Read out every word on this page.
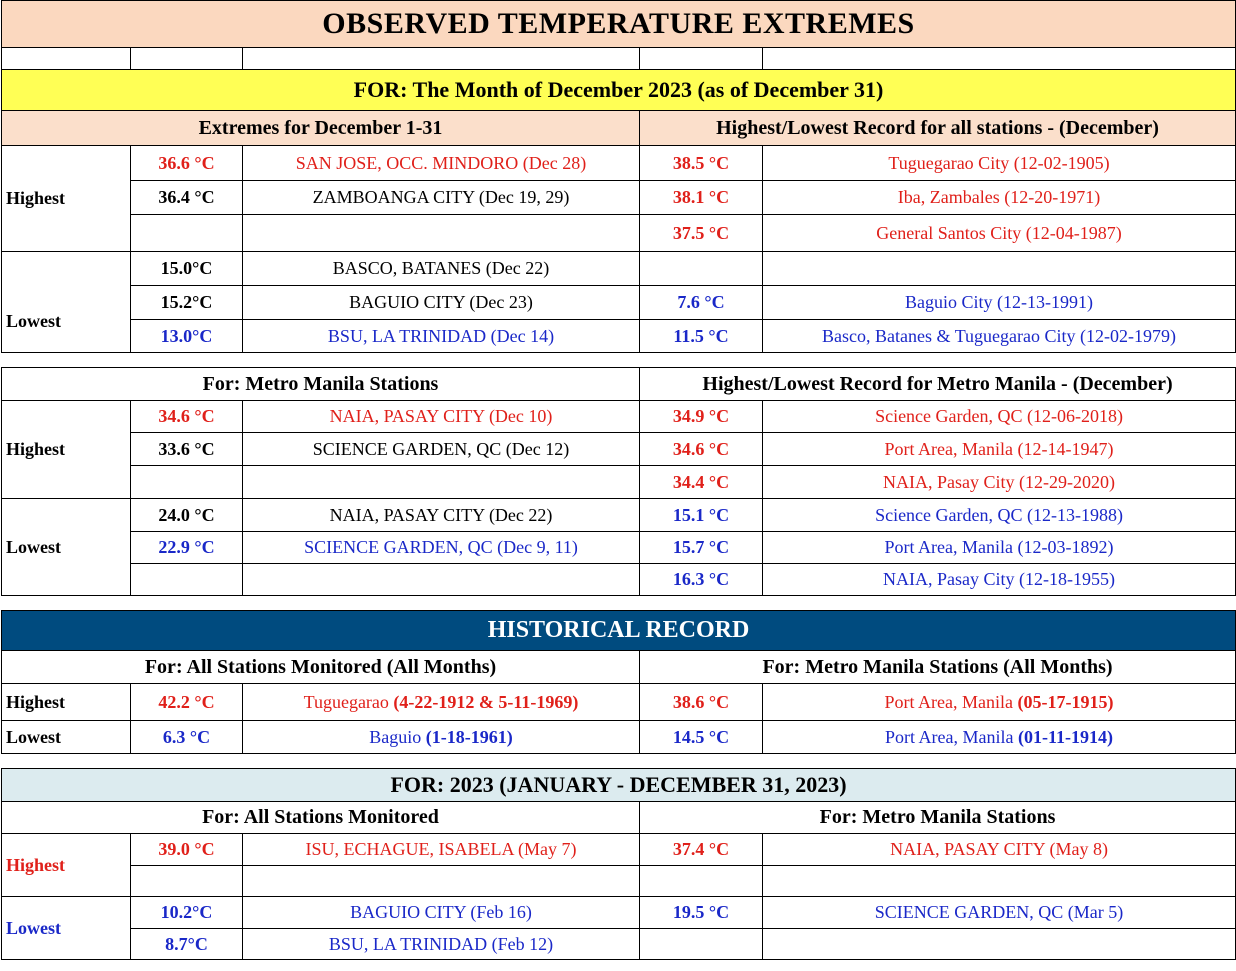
OBSERVED TEMPERATURE EXTREMES				

FOR: The Month of December 2023 (as of December 31)				
Extremes for December 1-31			Highest/Lowest Record for all stations - (December)	
Highest	36.6 °C	SAN JOSE, OCC. MINDORO (Dec 28)	38.5 °C	Tuguegarao City (12-02-1905)
	36.4 °C	ZAMBOANGA CITY (Dec 19, 29)	38.1 °C	Iba, Zambales (12-20-1971)
			37.5 °C	General Santos City (12-04-1987)
Lowest	15.0°C	BASCO, BATANES (Dec 22)		
	15.2°C	BAGUIO CITY (Dec 23)	7.6 °C	Baguio City (12-13-1991)
	13.0°C	BSU, LA TRINIDAD (Dec 14)	11.5 °C	Basco, Batanes & Tuguegarao City (12-02-1979)

For: Metro Manila Stations			Highest/Lowest Record for Metro Manila - (December)	
Highest	34.6 °C	NAIA, PASAY CITY (Dec 10)	34.9 °C	Science Garden, QC (12-06-2018)
	33.6 °C	SCIENCE GARDEN, QC (Dec 12)	34.6 °C	Port Area, Manila (12-14-1947)
			34.4 °C	NAIA, Pasay City (12-29-2020)
Lowest	24.0 °C	NAIA, PASAY CITY (Dec 22)	15.1 °C	Science Garden, QC (12-13-1988)
	22.9 °C	SCIENCE GARDEN, QC (Dec 9, 11)	15.7 °C	Port Area, Manila (12-03-1892)
			16.3 °C	NAIA, Pasay City (12-18-1955)

HISTORICAL RECORD				
For: All Stations Monitored (All Months)			For: Metro Manila Stations (All Months)	
Highest	42.2 °C	Tuguegarao (4-22-1912 & 5-11-1969)	38.6 °C	Port Area, Manila (05-17-1915)
Lowest	6.3 °C	Baguio (1-18-1961)	14.5 °C	Port Area, Manila (01-11-1914)

FOR: 2023 (JANUARY - DECEMBER 31, 2023)				
For: All Stations Monitored			For: Metro Manila Stations	
Highest	39.0 °C	ISU, ECHAGUE, ISABELA (May 7)	37.4 °C	NAIA, PASAY CITY (May 8)

Lowest	10.2°C	BAGUIO CITY (Feb 16)	19.5 °C	SCIENCE GARDEN, QC (Mar 5)
	8.7°C	BSU, LA TRINIDAD (Feb 12)		
